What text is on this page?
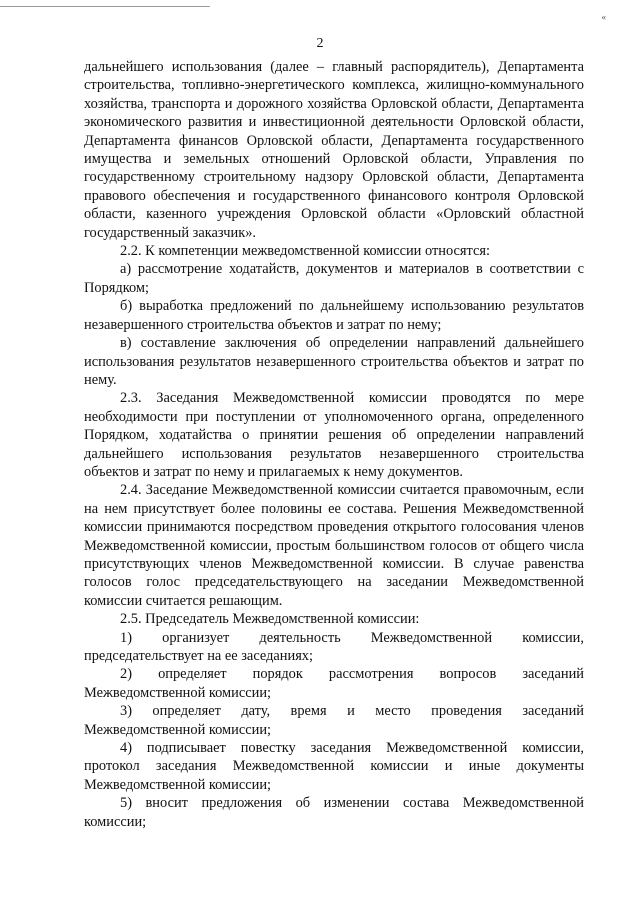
«
2

дальнейшего использования (далее – главный распорядитель), Департамента строительства, топливно-энергетического комплекса, жилищно-коммунального хозяйства, транспорта и дорожного хозяйства Орловской области, Департамента экономического развития и инвестиционной деятельности Орловской области, Департамента финансов Орловской области, Департамента государственного имущества и земельных отношений Орловской области, Управления по государственному строительному надзору Орловской области, Департамента правового обеспечения и государственного финансового контроля Орловской области, казенного учреждения Орловской области «Орловский областной государственный заказчик».

2.2. К компетенции межведомственной комиссии относятся:

а) рассмотрение ходатайств, документов и материалов в соответствии с Порядком;

б) выработка предложений по дальнейшему использованию результатов незавершенного строительства объектов и затрат по нему;

в) составление заключения об определении направлений дальнейшего использования результатов незавершенного строительства объектов и затрат по нему.

2.3. Заседания Межведомственной комиссии проводятся по мере необходимости при поступлении от уполномоченного органа, определенного Порядком, ходатайства о принятии решения об определении направлений дальнейшего использования результатов незавершенного строительства объектов и затрат по нему и прилагаемых к нему документов.

2.4. Заседание Межведомственной комиссии считается правомочным, если на нем присутствует более половины ее состава. Решения Межведомственной комиссии принимаются посредством проведения открытого голосования членов Межведомственной комиссии, простым большинством голосов от общего числа присутствующих членов Межведомственной комиссии. В случае равенства голосов голос председательствующего на заседании Межведомственной комиссии считается решающим.

2.5. Председатель Межведомственной комиссии:

1) организует деятельность Межведомственной комиссии, председательствует на ее заседаниях;

2) определяет порядок рассмотрения вопросов заседаний Межведомственной комиссии;

3) определяет дату, время и место проведения заседаний Межведомственной комиссии;

4) подписывает повестку заседания Межведомственной комиссии, протокол заседания Межведомственной комиссии и иные документы Межведомственной комиссии;

5) вносит предложения об изменении состава Межведомственной комиссии;
